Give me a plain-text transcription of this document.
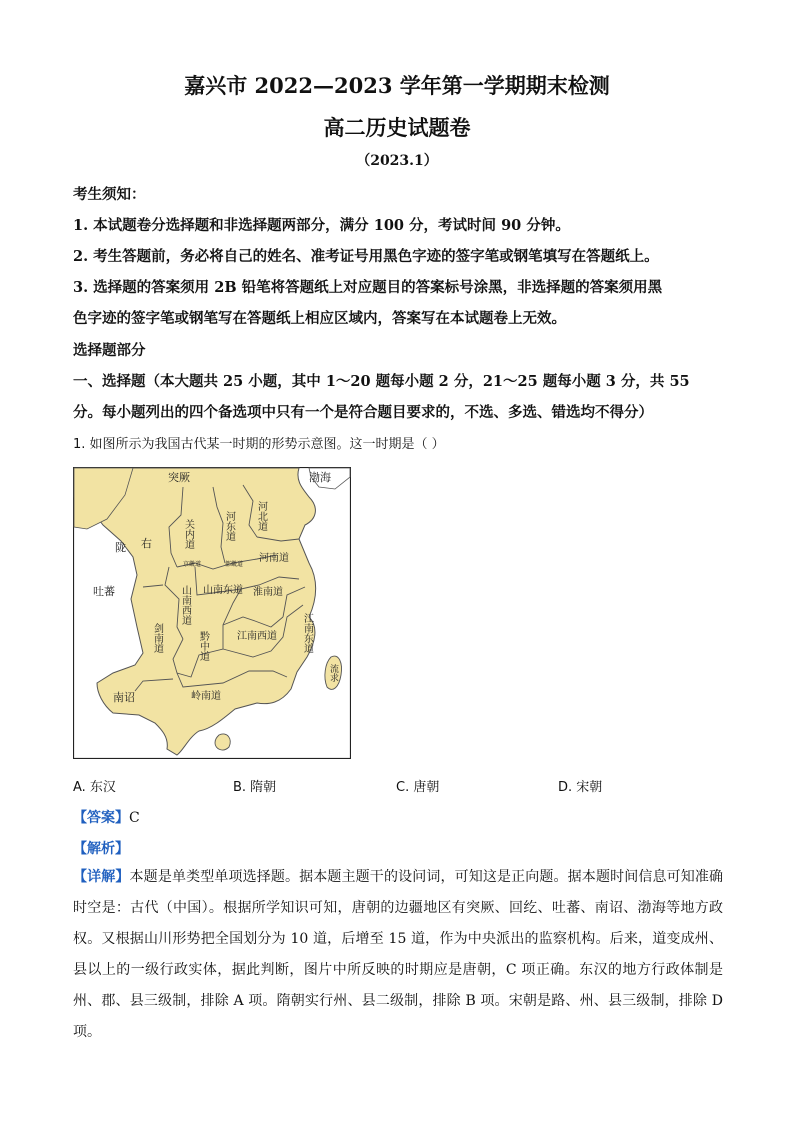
嘉兴市 2022—2023 学年第一学期期末检测
高二历史试题卷
（2023.1）
考生须知：
1. 本试题卷分选择题和非选择题两部分，满分 100 分，考试时间 90 分钟。
2. 考生答题前，务必将自己的姓名、准考证号用黑色字迹的签字笔或钢笔填写在答题纸上。
3. 选择题的答案须用 2B 铅笔将答题纸上对应题目的答案标号涂黑，非选择题的答案须用黑
色字迹的签字笔或钢笔写在答题纸上相应区域内，答案写在本试题卷上无效。
选择题部分
一、选择题（本大题共 25 小题，其中 1～20 题每小题 2 分，21～25 题每小题 3 分，共 55
分。每小题列出的四个备选项中只有一个是符合题目要求的，不选、多选、错选均不得分）
1. 如图所示为我国古代某一时期的形势示意图。这一时期是（ ）
突厥	渤海
陇 右
吐蕃
南诏
关内道	河东道 河北道
河南道
京畿道	都畿道
山南东道
山南西道	淮南道
剑南道	黔中道	江南西道 江南东道
岭南道
流求
A. 东汉	B. 隋朝	C. 唐朝	D. 宋朝
【答案】C
【解析】
【详解】本题是单类型单项选择题。据本题主题干的设问词，可知这是正向题。据本题时间信息可知准确时空是：古代（中国）。根据所学知识可知，唐朝的边疆地区有突厥、回纥、吐蕃、南诏、渤海等地方政权。又根据山川形势把全国划分为 10 道，后增至 15 道，作为中央派出的监察机构。后来，道变成州、县以上的一级行政实体，据此判断，图片中所反映的时期应是唐朝，C 项正确。东汉的地方行政体制是州、郡、县三级制，排除 A 项。隋朝实行州、县二级制，排除 B 项。宋朝是路、州、县三级制，排除 D 项。
